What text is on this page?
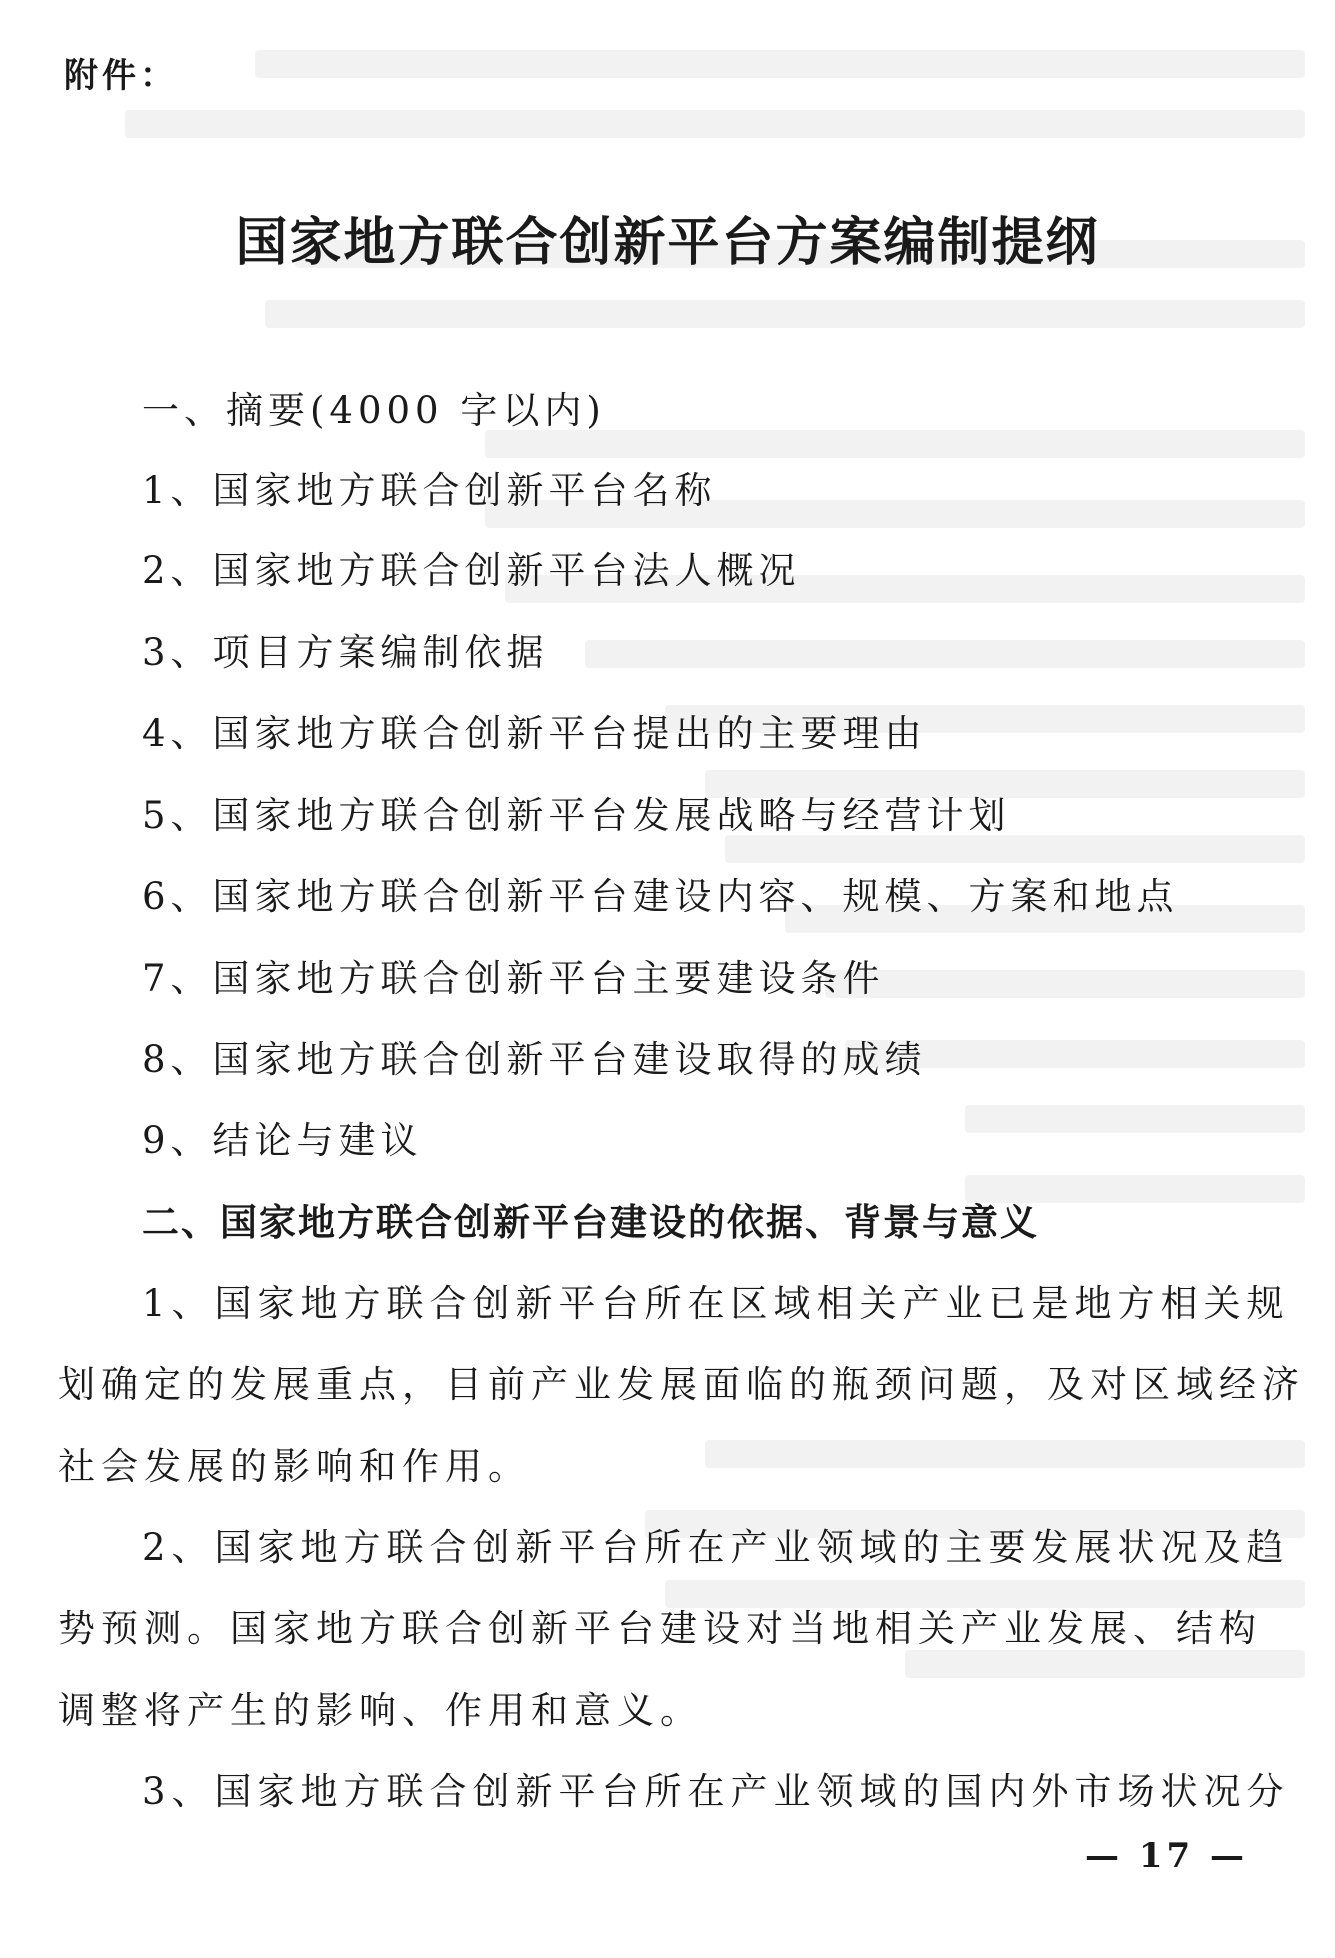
附件：
国家地方联合创新平台方案编制提纲
一、摘要(4000 字以内)
1、国家地方联合创新平台名称
2、国家地方联合创新平台法人概况
3、项目方案编制依据
4、国家地方联合创新平台提出的主要理由
5、国家地方联合创新平台发展战略与经营计划
6、国家地方联合创新平台建设内容、规模、方案和地点
7、国家地方联合创新平台主要建设条件
8、国家地方联合创新平台建设取得的成绩
9、结论与建议
二、国家地方联合创新平台建设的依据、背景与意义
1、国家地方联合创新平台所在区域相关产业已是地方相关规
划确定的发展重点，目前产业发展面临的瓶颈问题，及对区域经济
社会发展的影响和作用。
2、国家地方联合创新平台所在产业领域的主要发展状况及趋
势预测。国家地方联合创新平台建设对当地相关产业发展、结构
调整将产生的影响、作用和意义。
3、国家地方联合创新平台所在产业领域的国内外市场状况分
— 17 —
